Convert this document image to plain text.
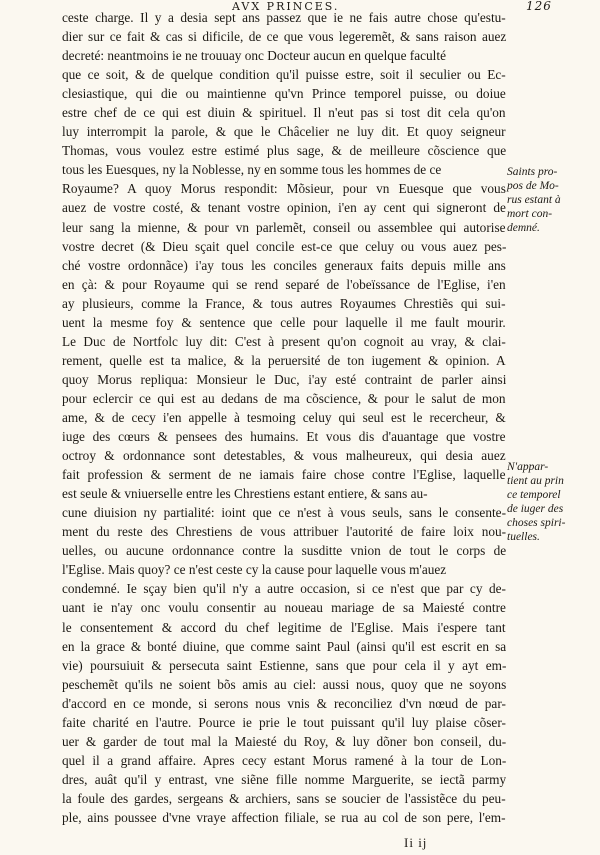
AVX PRINCES.	126
ceste charge. Il y a desia sept ans passez que ie ne fais autre chose qu'estu-
dier sur ce fait & cas si dificile, de ce que vous legeremẽt, & sans raison auez
decreté: neantmoins ie ne trouuay onc Docteur aucun en quelque faculté
que ce soit, & de quelque condition qu'il puisse estre, soit il seculier ou Ec-
clesiastique, qui die ou maintienne qu'vn Prince temporel puisse, ou doiue
estre chef de ce qui est diuin & spirituel. Il n'eut pas si tost dit cela qu'on
luy interrompit la parole, & que le Châcelier ne luy dit. Et quoy seigneur
Thomas, vous voulez estre estimé plus sage, & de meilleure cõscience que
tous les Euesques, ny la Noblesse, ny en somme tous les hommes de ce
Royaume? A quoy Morus respondit: Mõsieur, pour vn Euesque que vous
auez de vostre costé, & tenant vostre opinion, i'en ay cent qui signeront de
leur sang la mienne, & pour vn parlemẽt, conseil ou assemblee qui autorise
vostre decret (& Dieu sçait quel concile est-ce que celuy ou vous auez pes-
ché vostre ordonnãce) i'ay tous les conciles generaux faits depuis mille ans
en çà: & pour Royaume qui se rend separé de l'obeïssance de l'Eglise, i'en
ay plusieurs, comme la France, & tous autres Royaumes Chrestiẽs qui sui-
uent la mesme foy & sentence que celle pour laquelle il me fault mourir.
Le Duc de Nortfolc luy dit: C'est à present qu'on cognoit au vray, & clai-
rement, quelle est ta malice, & la peruersité de ton iugement & opinion. A
quoy Morus repliqua: Monsieur le Duc, i'ay esté contraint de parler ainsi
pour eclercir ce qui est au dedans de ma cõscience, & pour le salut de mon
ame, & de cecy i'en appelle à tesmoing celuy qui seul est le recercheur, &
iuge des cœurs & pensees des humains. Et vous dis d'auantage que vostre
octroy & ordonnance sont detestables, & vous malheureux, qui desia auez
fait profession & serment de ne iamais faire chose contre l'Eglise, laquelle
est seule & vniuerselle entre les Chrestiens estant entiere, & sans au-
cune diuision ny partialité: ioint que ce n'est à vous seuls, sans le consente-
ment du reste des Chrestiens de vous attribuer l'autorité de faire loix nou-
uelles, ou aucune ordonnance contre la susditte vnion de tout le corps de
l'Eglise. Mais quoy? ce n'est ceste cy la cause pour laquelle vous m'auez
condemné. Ie sçay bien qu'il n'y a autre occasion, si ce n'est que par cy de-
uant ie n'ay onc voulu consentir au noueau mariage de sa Maiesté contre
le consentement & accord du chef legitime de l'Eglise. Mais i'espere tant
en la grace & bonté diuine, que comme saint Paul (ainsi qu'il est escrit en sa
vie) poursuiuit & persecuta saint Estienne, sans que pour cela il y ayt em-
peschemẽt qu'ils ne soient bõs amis au ciel: aussi nous, quoy que ne soyons
d'accord en ce monde, si serons nous vnis & reconciliez d'vn nœud de par-
faite charité en l'autre. Pource ie prie le tout puissant qu'il luy plaise cõser-
uer & garder de tout mal la Maiesté du Roy, & luy dõner bon conseil, du-
quel il a grand affaire. Apres cecy estant Morus ramené à la tour de Lon-
dres, auât qu'il y entrast, vne siẽne fille nomme Marguerite, se iectã parmy
la foule des gardes, sergeans & archiers, sans se soucier de l'assistẽce du peu-
ple, ains poussee d'vne vraye affection filiale, se rua au col de son pere, l'em-
Saints pro-
pos de Mo-
rus estant à
mort con-
demné.
N'appar-
tient au prin
ce temporel
de iuger des
choses spiri-
tuelles.
Ii ij
